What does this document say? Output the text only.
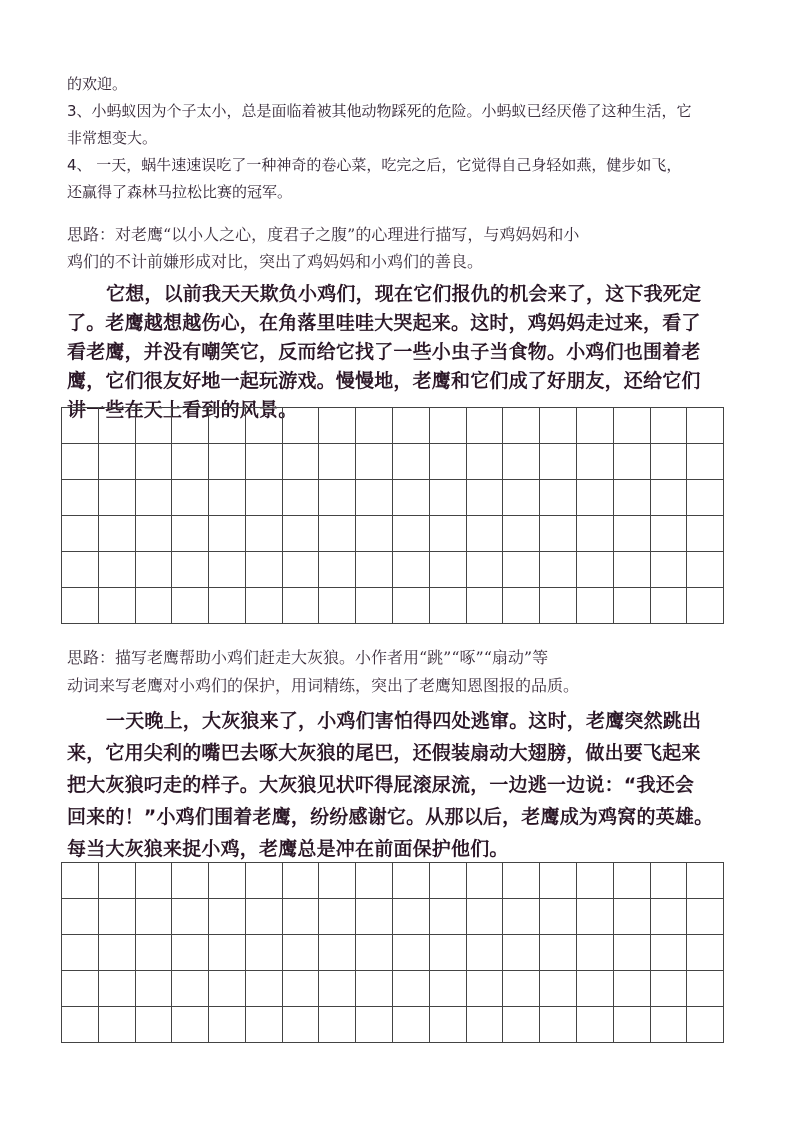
的欢迎。
3、小蚂蚁因为个子太小，总是面临着被其他动物踩死的危险。小蚂蚁已经厌倦了这种生活，它
非常想变大。
4、 一天，蜗牛速速误吃了一种神奇的卷心菜，吃完之后，它觉得自己身轻如燕，健步如飞，
还赢得了森林马拉松比赛的冠军。
思路：对老鹰“以小人之心，度君子之腹”的心理进行描写，与鸡妈妈和小
鸡们的不计前嫌形成对比，突出了鸡妈妈和小鸡们的善良。
它想，以前我天天欺负小鸡们，现在它们报仇的机会来了，这下我死定
了。老鹰越想越伤心，在角落里哇哇大哭起来。这时，鸡妈妈走过来，看了
看老鹰，并没有嘲笑它，反而给它找了一些小虫子当食物。小鸡们也围着老
鹰，它们很友好地一起玩游戏。慢慢地，老鹰和它们成了好朋友，还给它们
讲一些在天上看到的风景。
思路：描写老鹰帮助小鸡们赶走大灰狼。小作者用“跳”“啄”“扇动”等
动词来写老鹰对小鸡们的保护，用词精练，突出了老鹰知恩图报的品质。
一天晚上，大灰狼来了，小鸡们害怕得四处逃窜。这时，老鹰突然跳出
来，它用尖利的嘴巴去啄大灰狼的尾巴，还假装扇动大翅膀，做出要飞起来
把大灰狼叼走的样子。大灰狼见状吓得屁滚尿流，一边逃一边说：“我还会
回来的！”小鸡们围着老鹰，纷纷感谢它。从那以后，老鹰成为鸡窝的英雄。
每当大灰狼来捉小鸡，老鹰总是冲在前面保护他们。
